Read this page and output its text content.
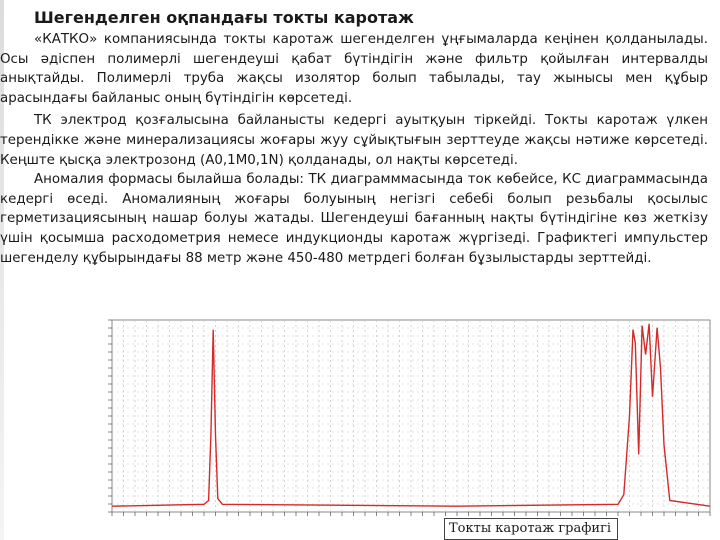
Шегенделген оқпандағы токты каротаж

«КАТКО» компаниясында токты каротаж шегенделген ұңғымаларда кеңінен қолданылады. Осы әдіспен полимерлі шегендеуші қабат бүтіндігін және фильтр қойылған интервалды анықтайды. Полимерлі труба жақсы изолятор болып табылады, тау жынысы мен құбыр арасындағы байланыс оның бүтіндігін көрсетеді.

ТК электрод қозғалысына байланысты кедергі ауытқуын тіркейді. Токты каротаж үлкен терендікке және минерализациясы жоғары жуу сұйықтығын зерттеуде жақсы нәтиже көрсетеді. Кеңште қысқа электрозонд (А0,1М0,1N) қолданады, ол нақты көрсетеді.

Аномалия формасы былайша болады: ТК диаграмммасында ток көбейсе, КС диаграммасында кедергі өседі. Аномалияның жоғары болуының негізгі себебі болып резьбалы қосылыс герметизациясының нашар болуы жатады. Шегендеуші бағанның нақты бүтіндігіне көз жеткізу үшін қосымша расходометрия немесе индукционды каротаж жүргізеді. Графиктегі импульстер шегенделу құбырындағы 88 метр және 450-480 метрдегі болған бұзылыстарды зерттейді.

Токты каротаж графигі
